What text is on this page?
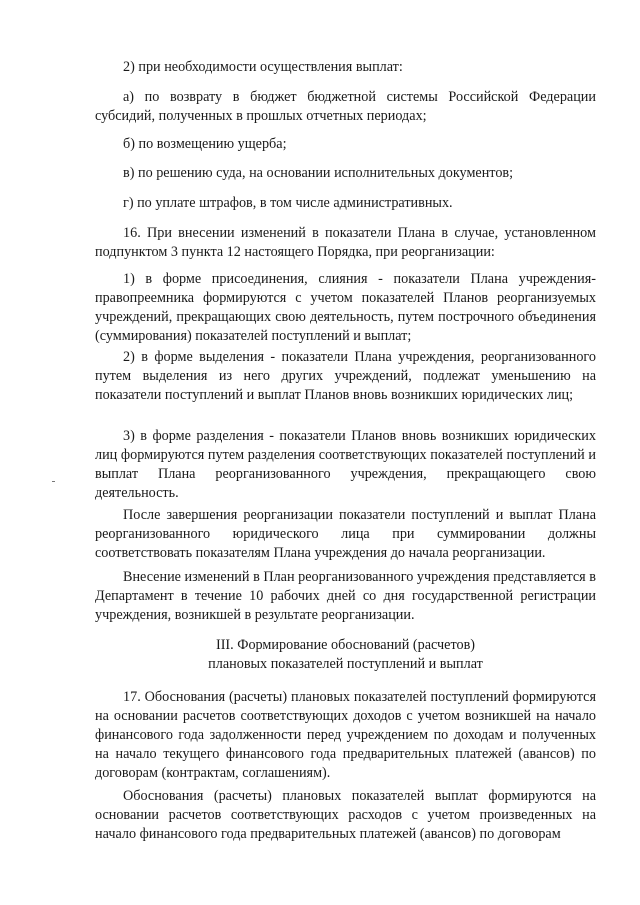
2) при необходимости осуществления выплат:

а) по возврату в бюджет бюджетной системы Российской Федерации субсидий, полученных в прошлых отчетных периодах;

б) по возмещению ущерба;

в) по решению суда, на основании исполнительных документов;

г) по уплате штрафов, в том числе административных.

16. При внесении изменений в показатели Плана в случае, установленном подпунктом 3 пункта 12 настоящего Порядка, при реорганизации:

1) в форме присоединения, слияния - показатели Плана учреждения-правопреемника формируются с учетом показателей Планов реорганизуемых учреждений, прекращающих свою деятельность, путем построчного объединения (суммирования) показателей поступлений и выплат;

2) в форме выделения - показатели Плана учреждения, реорганизованного путем выделения из него других учреждений, подлежат уменьшению на показатели поступлений и выплат Планов вновь возникших юридических лиц;

3) в форме разделения - показатели Планов вновь возникших юридических лиц формируются путем разделения соответствующих показателей поступлений и выплат Плана реорганизованного учреждения, прекращающего свою деятельность.

После завершения реорганизации показатели поступлений и выплат Плана реорганизованного юридического лица при суммировании должны соответствовать показателям Плана учреждения до начала реорганизации.

Внесение изменений в План реорганизованного учреждения представляется в Департамент в течение 10 рабочих дней со дня государственной регистрации учреждения, возникшей в результате реорганизации.

III. Формирование обоснований (расчетов)
плановых показателей поступлений и выплат

17. Обоснования (расчеты) плановых показателей поступлений формируются на основании расчетов соответствующих доходов с учетом возникшей на начало финансового года задолженности перед учреждением по доходам и полученных на начало текущего финансового года предварительных платежей (авансов) по договорам (контрактам, соглашениям).

Обоснования (расчеты) плановых показателей выплат формируются на основании расчетов соответствующих расходов с учетом произведенных на начало финансового года предварительных платежей (авансов) по договорам
